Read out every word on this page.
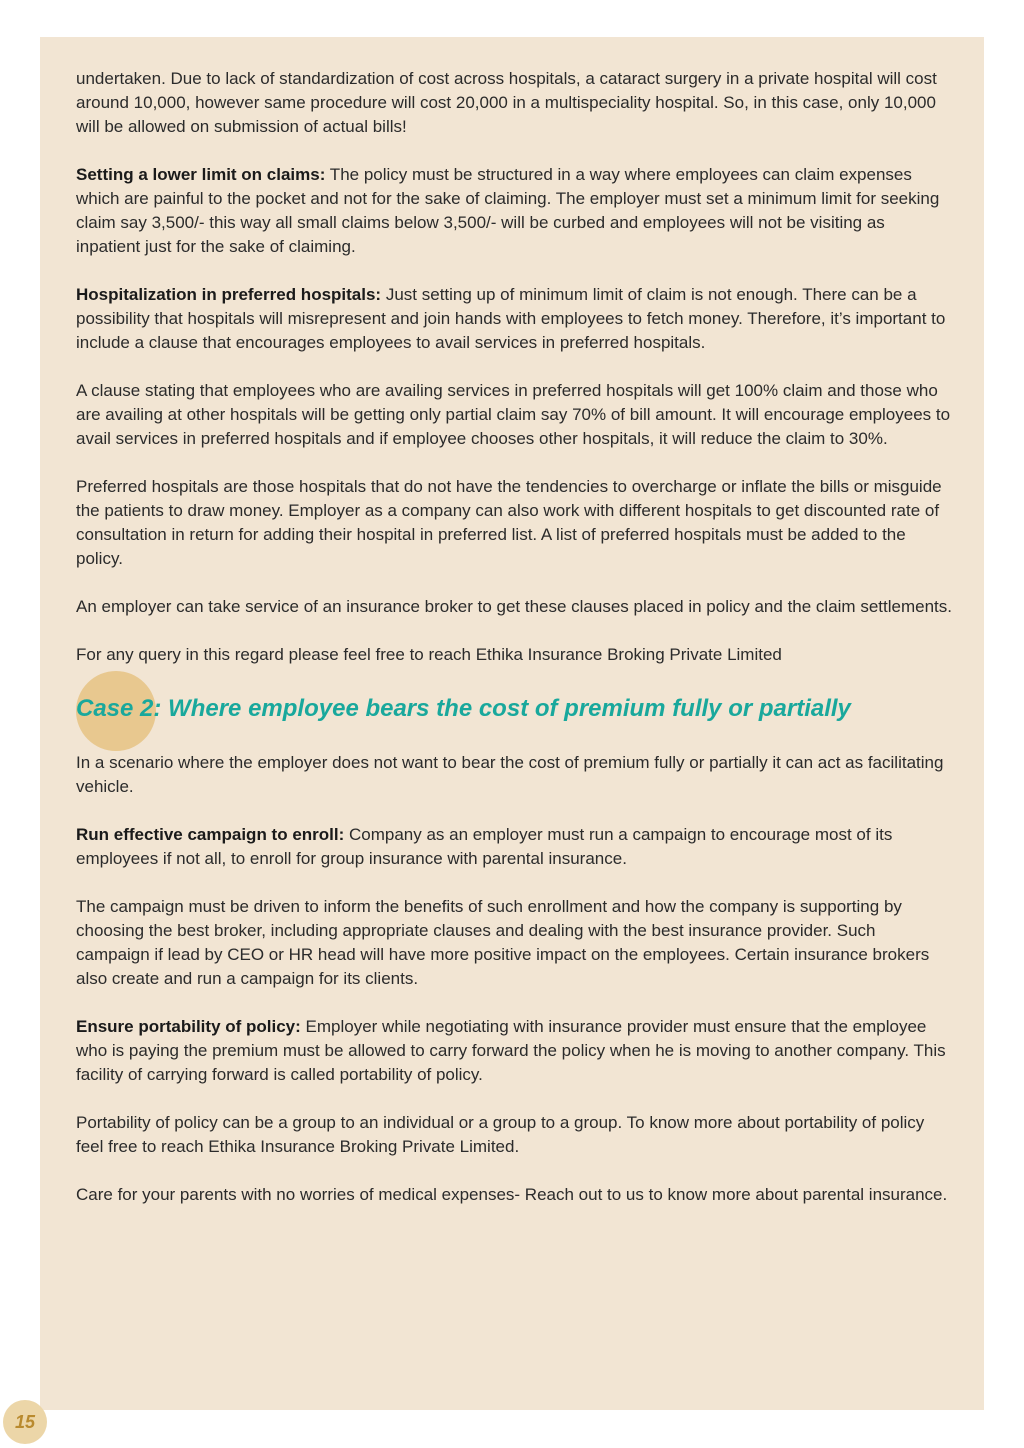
undertaken. Due to lack of standardization of cost across hospitals, a cataract surgery in a private hospital will cost around 10,000, however same procedure will cost 20,000 in a multispeciality hospital. So, in this case, only 10,000 will be allowed on submission of actual bills!

Setting a lower limit on claims: The policy must be structured in a way where employees can claim expenses which are painful to the pocket and not for the sake of claiming. The employer must set a minimum limit for seeking claim say 3,500/- this way all small claims below 3,500/- will be curbed and employees will not be visiting as inpatient just for the sake of claiming.

Hospitalization in preferred hospitals: Just setting up of minimum limit of claim is not enough. There can be a possibility that hospitals will misrepresent and join hands with employees to fetch money. Therefore, it’s important to include a clause that encourages employees to avail services in preferred hospitals.

A clause stating that employees who are availing services in preferred hospitals will get 100% claim and those who are availing at other hospitals will be getting only partial claim say 70% of bill amount. It will encourage employees to avail services in preferred hospitals and if employee chooses other hospitals, it will reduce the claim to 30%.

Preferred hospitals are those hospitals that do not have the tendencies to overcharge or inflate the bills or misguide the patients to draw money. Employer as a company can also work with different hospitals to get discounted rate of consultation in return for adding their hospital in preferred list. A list of preferred hospitals must be added to the policy.

An employer can take service of an insurance broker to get these clauses placed in policy and the claim settlements.

For any query in this regard please feel free to reach Ethika Insurance Broking Private Limited

Case 2: Where employee bears the cost of premium fully or partially

In a scenario where the employer does not want to bear the cost of premium fully or partially it can act as facilitating vehicle.

Run effective campaign to enroll: Company as an employer must run a campaign to encourage most of its employees if not all, to enroll for group insurance with parental insurance.

The campaign must be driven to inform the benefits of such enrollment and how the company is supporting by choosing the best broker, including appropriate clauses and dealing with the best insurance provider. Such campaign if lead by CEO or HR head will have more positive impact on the employees. Certain insurance brokers also create and run a campaign for its clients.

Ensure portability of policy: Employer while negotiating with insurance provider must ensure that the employee who is paying the premium must be allowed to carry forward the policy when he is moving to another company. This facility of carrying forward is called portability of policy.

Portability of policy can be a group to an individual or a group to a group. To know more about portability of policy feel free to reach Ethika Insurance Broking Private Limited.

Care for your parents with no worries of medical expenses- Reach out to us to know more about parental insurance.

15
